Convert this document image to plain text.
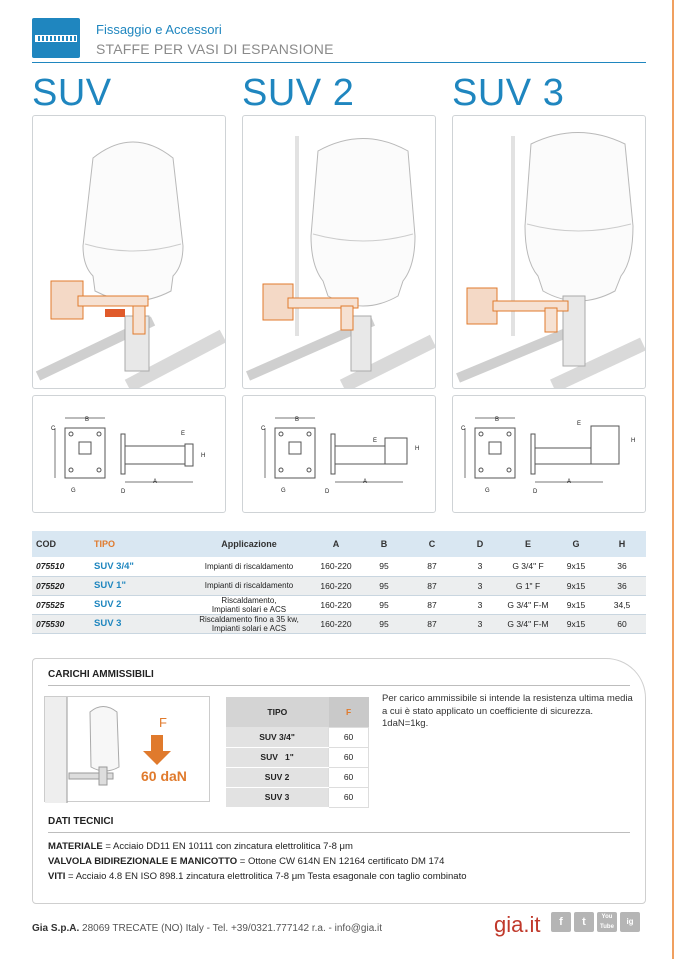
Fissaggio e Accessori
STAFFE PER VASI DI ESPANSIONE
SUV	SUV 2	SUV 3
B
C
E
H
G
A
D
B
C
E
H
G
A
D
B
C
E
H
G
A
D
COD	TIPO	Applicazione	A	B	C	D	E	G	H
075510	SUV 3/4"	Impianti di riscaldamento	160-220	95	87	3	G 3/4" F	9x15	36
075520	SUV 1"	Impianti di riscaldamento	160-220	95	87	3	G 1" F	9x15	36
075525	SUV 2	Riscaldamento,
Impianti solari e ACS	160-220	95	87	3	G 3/4" F-M	9x15	34,5
075530	SUV 3	Riscaldamento fino a 35 kw,
Impianti solari e ACS	160-220	95	87	3	G 3/4" F-M	9x15	60
CARICHI AMMISSIBILI
F
60 daN
TIPO	F
SUV 3/4"	60
SUV   1"	60
SUV 2	60
SUV 3	60
Per carico ammissibile si intende la resistenza ultima media a cui è stato applicato un coefficiente di sicurezza. 1daN=1kg.
DATI TECNICI
MATERIALE = Acciaio DD11 EN 10111 con zincatura elettrolitica 7-8 μm
VALVOLA BIDIREZIONALE E MANICOTTO = Ottone CW 614N EN 12164 certificato DM 174
VITI = Acciaio 4.8 EN ISO 898.1 zincatura elettrolitica 7-8 μm Testa esagonale con taglio combinato
Gia S.p.A. 28069 TRECATE (NO) Italy - Tel. +39/0321.777142 r.a. - info@gia.it	gia.it	f	t	You Tube
ig
